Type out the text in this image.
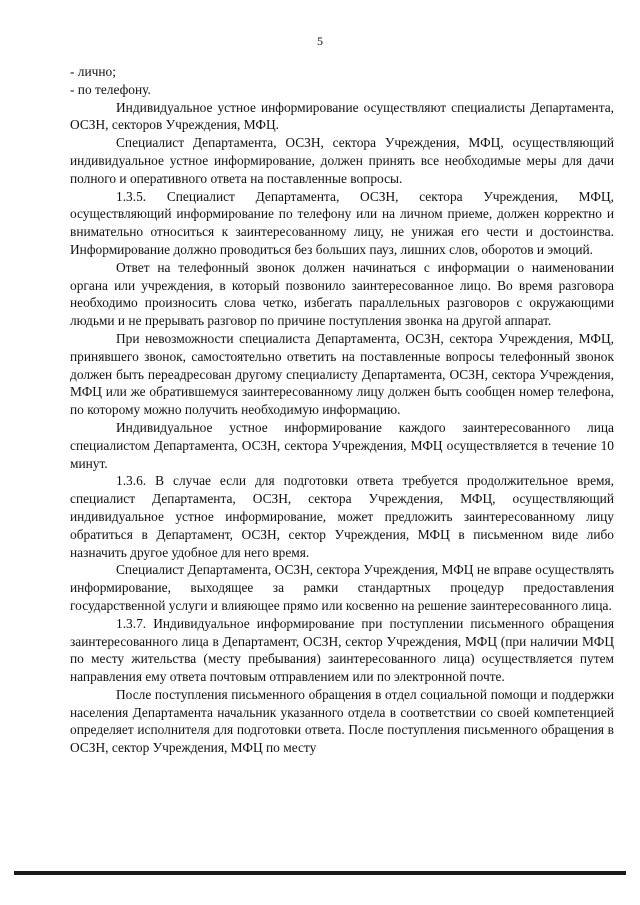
5

- лично;

- по телефону.

Индивидуальное устное информирование осуществляют специалисты Департамента, ОСЗН, секторов Учреждения, МФЦ.

Специалист Департамента, ОСЗН, сектора Учреждения, МФЦ, осуществляющий индивидуальное устное информирование, должен принять все необходимые меры для дачи полного и оперативного ответа на поставленные вопросы.

1.3.5. Специалист Департамента, ОСЗН, сектора Учреждения, МФЦ, осуществляющий информирование по телефону или на личном приеме, должен корректно и внимательно относиться к заинтересованному лицу, не унижая его чести и достоинства. Информирование должно проводиться без больших пауз, лишних слов, оборотов и эмоций.

Ответ на телефонный звонок должен начинаться с информации о наименовании органа или учреждения, в который позвонило заинтересованное лицо. Во время разговора необходимо произносить слова четко, избегать параллельных разговоров с окружающими людьми и не прерывать разговор по причине поступления звонка на другой аппарат.

При невозможности специалиста Департамента, ОСЗН, сектора Учреждения, МФЦ, принявшего звонок, самостоятельно ответить на поставленные вопросы телефонный звонок должен быть переадресован другому специалисту Департамента, ОСЗН, сектора Учреждения, МФЦ или же обратившемуся заинтересованному лицу должен быть сообщен номер телефона, по которому можно получить необходимую информацию.

Индивидуальное устное информирование каждого заинтересованного лица специалистом Департамента, ОСЗН, сектора Учреждения, МФЦ осуществляется в течение 10 минут.

1.3.6. В случае если для подготовки ответа требуется продолжительное время, специалист Департамента, ОСЗН, сектора Учреждения, МФЦ, осуществляющий индивидуальное устное информирование, может предложить заинтересованному лицу обратиться в Департамент, ОСЗН, сектор Учреждения, МФЦ в письменном виде либо назначить другое удобное для него время.

Специалист Департамента, ОСЗН, сектора Учреждения, МФЦ не вправе осуществлять информирование, выходящее за рамки стандартных процедур предоставления государственной услуги и влияющее прямо или косвенно на решение заинтересованного лица.

1.3.7. Индивидуальное информирование при поступлении письменного обращения заинтересованного лица в Департамент, ОСЗН, сектор Учреждения, МФЦ (при наличии МФЦ по месту жительства (месту пребывания) заинтересованного лица) осуществляется путем направления ему ответа почтовым отправлением или по электронной почте.

После поступления письменного обращения в отдел социальной помощи и поддержки населения Департамента начальник указанного отдела в соответствии со своей компетенцией определяет исполнителя для подготовки ответа. После поступления письменного обращения в ОСЗН, сектор Учреждения, МФЦ по месту
